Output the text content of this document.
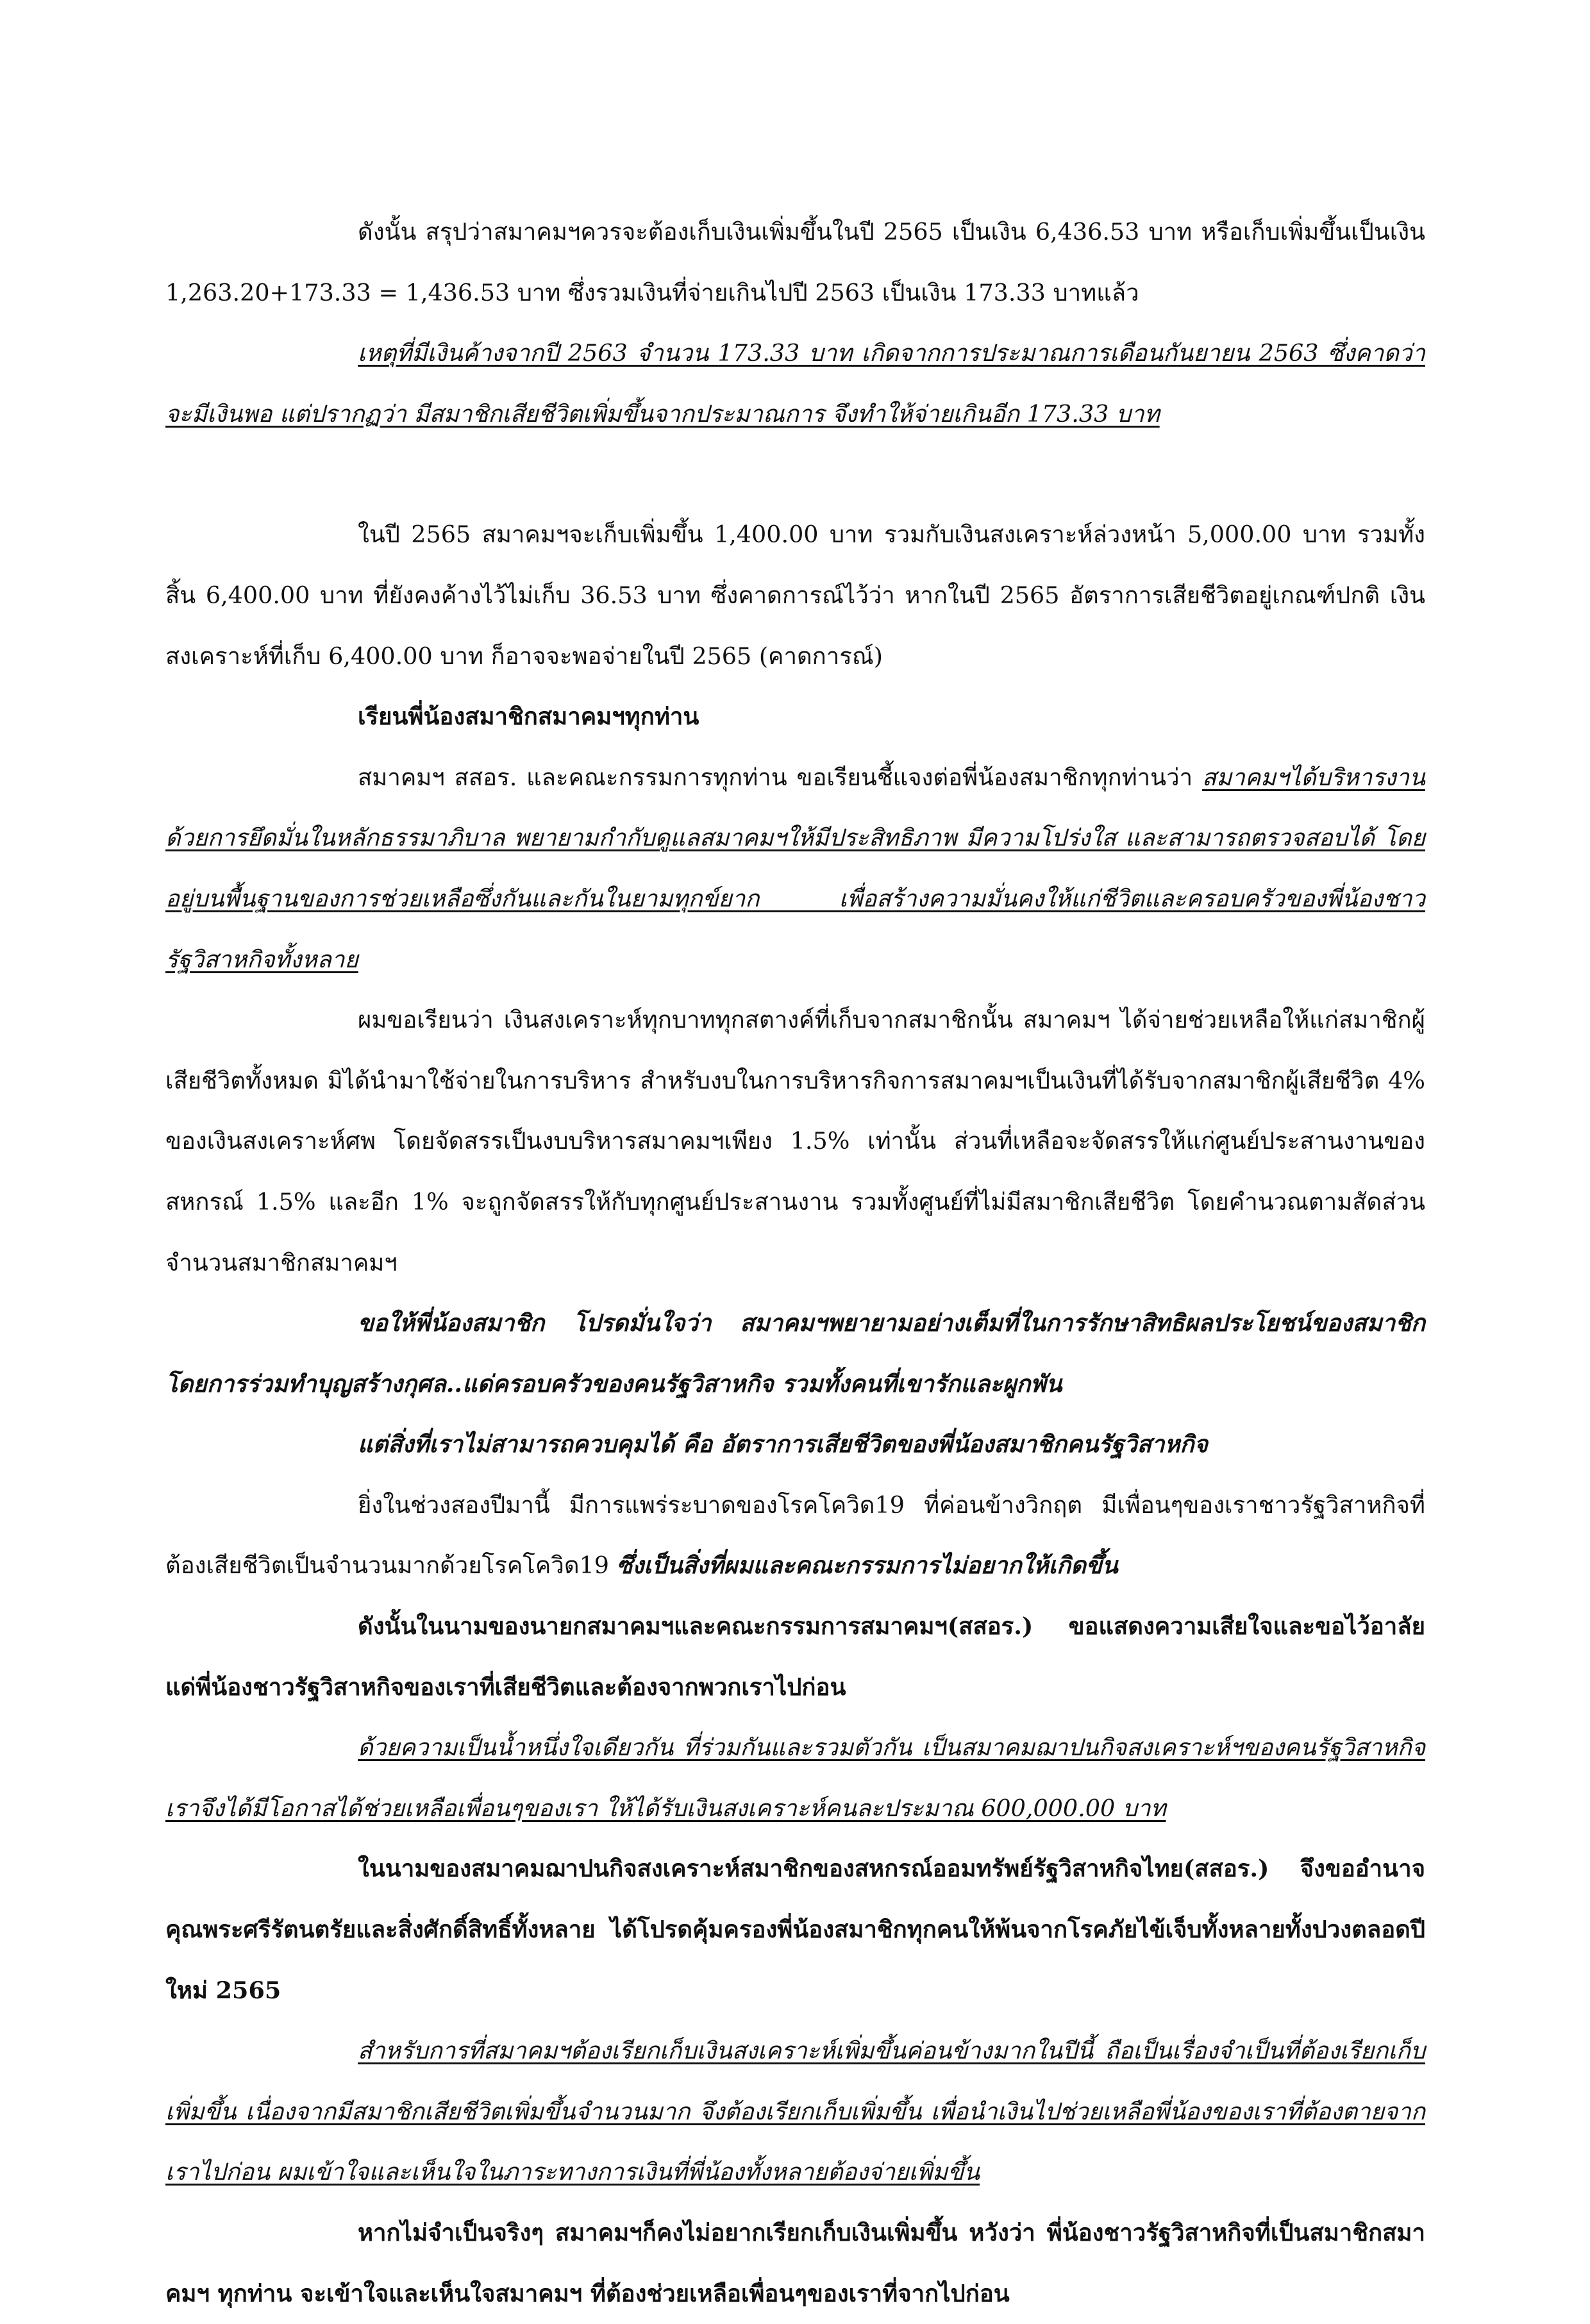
ดังนั้น สรุปว่าสมาคมฯควรจะต้องเก็บเงินเพิ่มขึ้นในปี 2565 เป็นเงิน 6,436.53 บาท หรือเก็บเพิ่มขึ้นเป็นเงิน 1,263.20+173.33 = 1,436.53 บาท ซึ่งรวมเงินที่จ่ายเกินไปปี 2563 เป็นเงิน 173.33 บาทแล้ว

เหตุที่มีเงินค้างจากปี 2563 จำนวน 173.33 บาท เกิดจากการประมาณการเดือนกันยายน 2563 ซึ่งคาดว่า จะมีเงินพอ แต่ปรากฏว่า มีสมาชิกเสียชีวิตเพิ่มขึ้นจากประมาณการ จึงทำให้จ่ายเกินอีก 173.33 บาท

ในปี 2565 สมาคมฯจะเก็บเพิ่มขึ้น 1,400.00 บาท รวมกับเงินสงเคราะห์ล่วงหน้า 5,000.00 บาท รวมทั้งสิ้น 6,400.00 บาท ที่ยังคงค้างไว้ไม่เก็บ 36.53 บาท ซึ่งคาดการณ์ไว้ว่า หากในปี 2565 อัตราการเสียชีวิตอยู่เกณฑ์ปกติ เงินสงเคราะห์ที่เก็บ 6,400.00 บาท ก็อาจจะพอจ่ายในปี 2565 (คาดการณ์)

เรียนพี่น้องสมาชิกสมาคมฯทุกท่าน

สมาคมฯ สสอร. และคณะกรรมการทุกท่าน ขอเรียนชี้แจงต่อพี่น้องสมาชิกทุกท่านว่า สมาคมฯได้บริหารงานด้วยการยึดมั่นในหลักธรรมาภิบาล พยายามกำกับดูแลสมาคมฯให้มีประสิทธิภาพ มีความโปร่งใส และสามารถตรวจสอบได้ โดยอยู่บนพื้นฐานของการช่วยเหลือซึ่งกันและกันในยามทุกข์ยาก เพื่อสร้างความมั่นคงให้แก่ชีวิตและครอบครัวของพี่น้องชาวรัฐวิสาหกิจทั้งหลาย

ผมขอเรียนว่า เงินสงเคราะห์ทุกบาททุกสตางค์ที่เก็บจากสมาชิกนั้น สมาคมฯ ได้จ่ายช่วยเหลือให้แก่สมาชิกผู้เสียชีวิตทั้งหมด มิได้นำมาใช้จ่ายในการบริหาร สำหรับงบในการบริหารกิจการสมาคมฯเป็นเงินที่ได้รับจากสมาชิกผู้เสียชีวิต 4% ของเงินสงเคราะห์ศพ โดยจัดสรรเป็นงบบริหารสมาคมฯเพียง 1.5% เท่านั้น ส่วนที่เหลือจะจัดสรรให้แก่ศูนย์ประสานงานของสหกรณ์ 1.5% และอีก 1% จะถูกจัดสรรให้กับทุกศูนย์ประสานงาน รวมทั้งศูนย์ที่ไม่มีสมาชิกเสียชีวิต โดยคำนวณตามสัดส่วนจำนวนสมาชิกสมาคมฯ

ขอให้พี่น้องสมาชิก โปรดมั่นใจว่า สมาคมฯพยายามอย่างเต็มที่ในการรักษาสิทธิผลประโยชน์ของสมาชิก โดยการร่วมทำบุญสร้างกุศล..แด่ครอบครัวของคนรัฐวิสาหกิจ รวมทั้งคนที่เขารักและผูกพัน

แต่สิ่งที่เราไม่สามารถควบคุมได้ คือ อัตราการเสียชีวิตของพี่น้องสมาชิกคนรัฐวิสาหกิจ

ยิ่งในช่วงสองปีมานี้ มีการแพร่ระบาดของโรคโควิด19 ที่ค่อนข้างวิกฤต มีเพื่อนๆของเราชาวรัฐวิสาหกิจที่ต้องเสียชีวิตเป็นจำนวนมากด้วยโรคโควิด19 ซึ่งเป็นสิ่งที่ผมและคณะกรรมการไม่อยากให้เกิดขึ้น

ดังนั้นในนามของนายกสมาคมฯและคณะกรรมการสมาคมฯ(สสอร.) ขอแสดงความเสียใจและขอไว้อาลัยแด่พี่น้องชาวรัฐวิสาหกิจของเราที่เสียชีวิตและต้องจากพวกเราไปก่อน

ด้วยความเป็นน้ำหนึ่งใจเดียวกัน ที่ร่วมกันและรวมตัวกัน เป็นสมาคมฌาปนกิจสงเคราะห์ฯของคนรัฐวิสาหกิจ เราจึงได้มีโอกาสได้ช่วยเหลือเพื่อนๆของเรา ให้ได้รับเงินสงเคราะห์คนละประมาณ 600,000.00 บาท

ในนามของสมาคมฌาปนกิจสงเคราะห์สมาชิกของสหกรณ์ออมทรัพย์รัฐวิสาหกิจไทย(สสอร.) จึงขออำนาจคุณพระศรีรัตนตรัยและสิ่งศักดิ์สิทธิ์ทั้งหลาย ได้โปรดคุ้มครองพี่น้องสมาชิกทุกคนให้พ้นจากโรคภัยไข้เจ็บทั้งหลายทั้งปวงตลอดปีใหม่ 2565

สำหรับการที่สมาคมฯต้องเรียกเก็บเงินสงเคราะห์เพิ่มขึ้นค่อนข้างมากในปีนี้ ถือเป็นเรื่องจำเป็นที่ต้องเรียกเก็บเพิ่มขึ้น เนื่องจากมีสมาชิกเสียชีวิตเพิ่มขึ้นจำนวนมาก จึงต้องเรียกเก็บเพิ่มขึ้น เพื่อนำเงินไปช่วยเหลือพี่น้องของเราที่ต้องตายจากเราไปก่อน ผมเข้าใจและเห็นใจในภาระทางการเงินที่พี่น้องทั้งหลายต้องจ่ายเพิ่มขึ้น

หากไม่จำเป็นจริงๆ สมาคมฯก็คงไม่อยากเรียกเก็บเงินเพิ่มขึ้น หวังว่า พี่น้องชาวรัฐวิสาหกิจที่เป็นสมาชิกสมาคมฯ ทุกท่าน จะเข้าใจและเห็นใจสมาคมฯ ที่ต้องช่วยเหลือเพื่อนๆของเราที่จากไปก่อน
